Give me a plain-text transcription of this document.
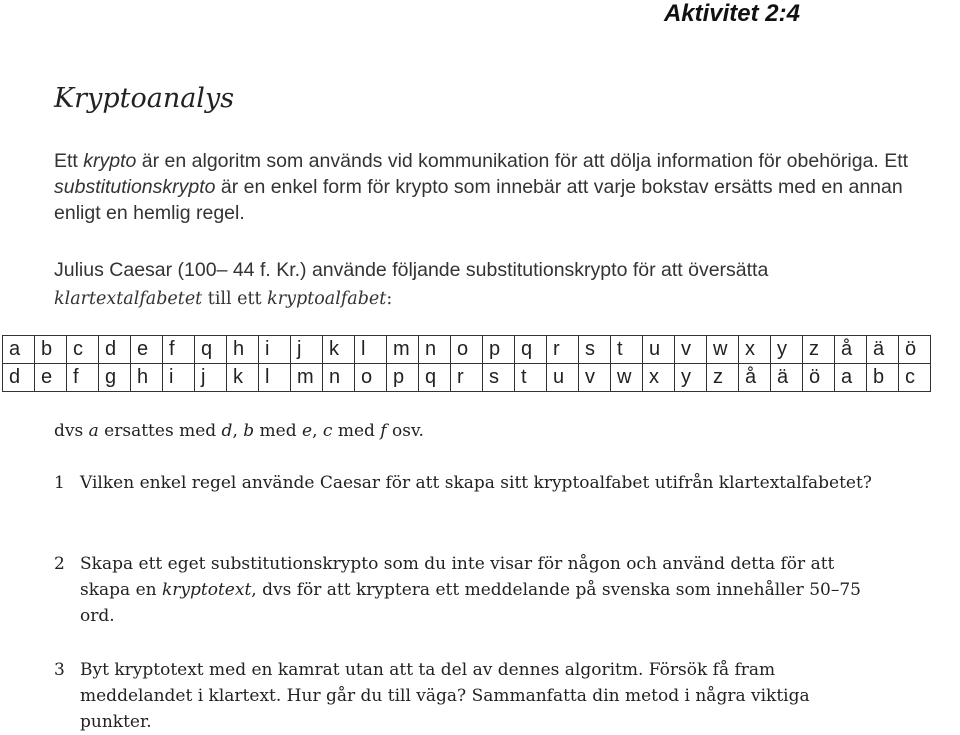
Aktivitet 2:4
Kryptoanalys

Ett krypto är en algoritm som används vid kommunikation för att dölja information för obehöriga. Ett substitutionskrypto är en enkel form för krypto som innebär att varje bokstav ersätts med en annan enligt en hemlig regel.

Julius Caesar (100– 44 f. Kr.) använde följande substitutionskrypto för att översätta
klartextalfabetet till ett kryptoalfabet:

a	b	c	d	e	f	q	h	i	j	k	l	m	n	o	p	q	r	s	t	u	v	w	x	y	z	å	ä	ö
d	e	f	g	h	i	j	k	l	m	n	o	p	q	r	s	t	u	v	w	x	y	z	å	ä	ö	a	b	c
dvs a ersattes med d, b med e, c med f osv.
1 Vilken enkel regel använde Caesar för att skapa sitt kryptoalfabet utifrån klartextalfabetet?
2 Skapa ett eget substitutionskrypto som du inte visar för någon och använd detta för att skapa en kryptotext, dvs för att kryptera ett meddelande på svenska som innehåller 50–75 ord.
3 Byt kryptotext med en kamrat utan att ta del av dennes algoritm. Försök få fram meddelandet i klartext. Hur går du till väga? Sammanfatta din metod i några viktiga punkter.
